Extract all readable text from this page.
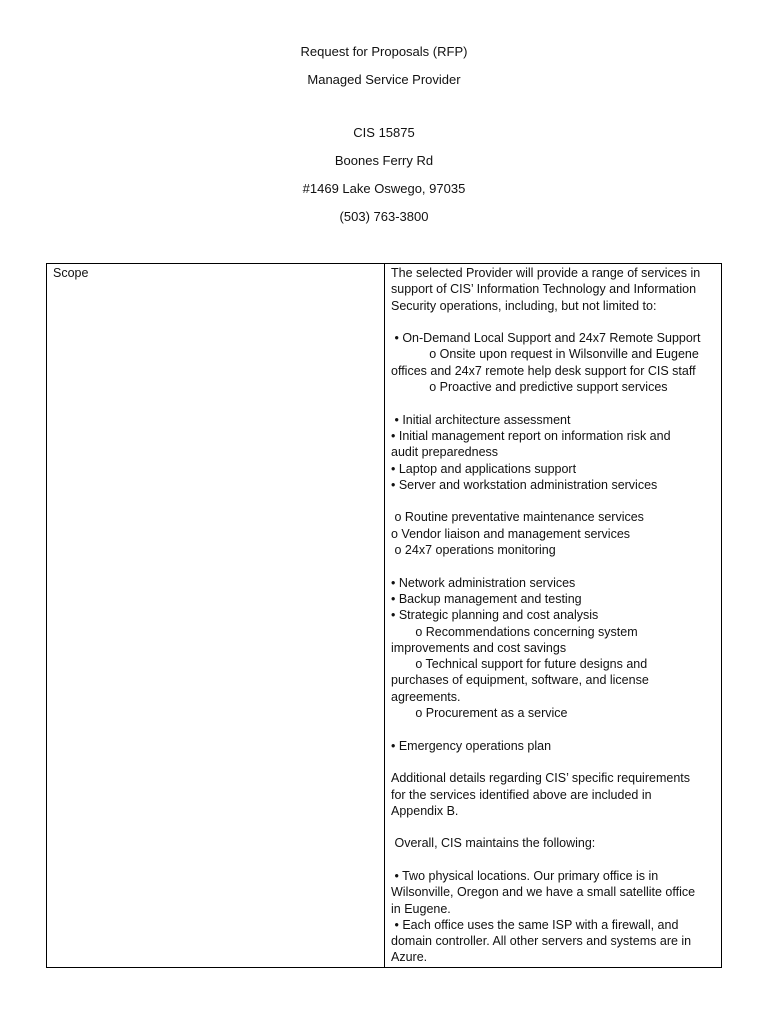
Request for Proposals (RFP)
Managed Service Provider
CIS 15875
Boones Ferry Rd
#1469 Lake Oswego, 97035
(503) 763-3800
Scope	The selected Provider will provide a range of services in
support of CIS’ Information Technology and Information
Security operations, including, but not limited to:
• On-Demand Local Support and 24x7 Remote Support
o Onsite upon request in Wilsonville and Eugene
offices and 24x7 remote help desk support for CIS staff
o Proactive and predictive support services
• Initial architecture assessment
• Initial management report on information risk and
audit preparedness
• Laptop and applications support
• Server and workstation administration services
o Routine preventative maintenance services
o Vendor liaison and management services
o 24x7 operations monitoring
• Network administration services
• Backup management and testing
• Strategic planning and cost analysis
o Recommendations concerning system
improvements and cost savings
o Technical support for future designs and
purchases of equipment, software, and license
agreements.
o Procurement as a service
• Emergency operations plan
Additional details regarding CIS’ specific requirements
for the services identified above are included in
Appendix B.
Overall, CIS maintains the following:
• Two physical locations. Our primary office is in
Wilsonville, Oregon and we have a small satellite office
in Eugene.
• Each office uses the same ISP with a firewall, and
domain controller. All other servers and systems are in
Azure.
